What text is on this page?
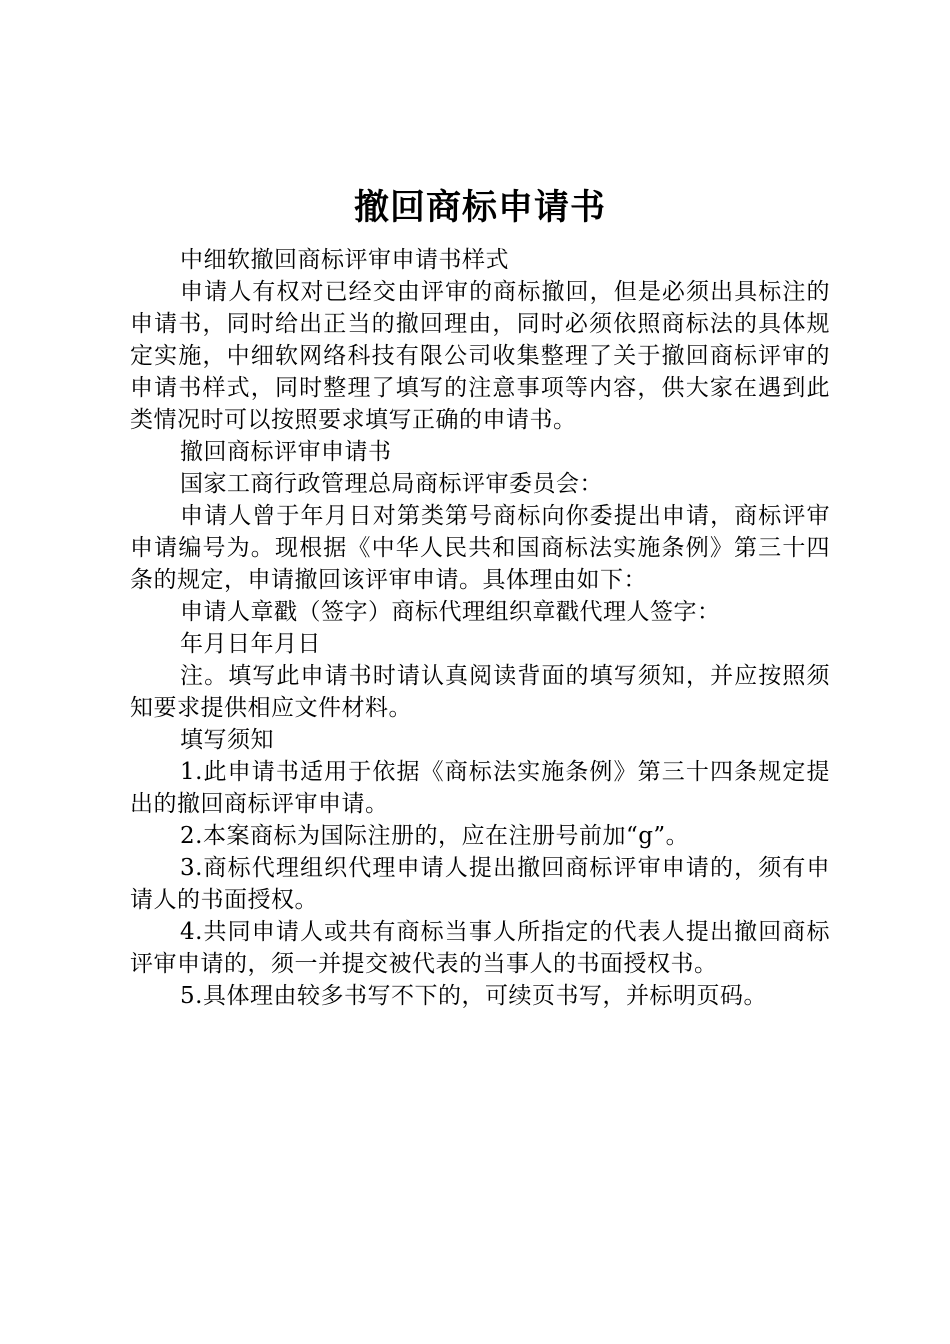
撤回商标申请书

中细软撤回商标评审申请书样式

申请人有权对已经交由评审的商标撤回，但是必须出具标注的申请书，同时给出正当的撤回理由，同时必须依照商标法的具体规定实施，中细软网络科技有限公司收集整理了关于撤回商标评审的申请书样式，同时整理了填写的注意事项等内容，供大家在遇到此类情况时可以按照要求填写正确的申请书。

撤回商标评审申请书

国家工商行政管理总局商标评审委员会：

申请人曾于年月日对第类第号商标向你委提出申请，商标评审申请编号为。现根据《中华人民共和国商标法实施条例》第三十四条的规定，申请撤回该评审申请。具体理由如下：

申请人章戳（签字）商标代理组织章戳代理人签字：

年月日年月日

注。填写此申请书时请认真阅读背面的填写须知，并应按照须知要求提供相应文件材料。

填写须知

1.此申请书适用于依据《商标法实施条例》第三十四条规定提出的撤回商标评审申请。

2.本案商标为国际注册的，应在注册号前加“g”。

3.商标代理组织代理申请人提出撤回商标评审申请的，须有申请人的书面授权。

4.共同申请人或共有商标当事人所指定的代表人提出撤回商标评审申请的，须一并提交被代表的当事人的书面授权书。

5.具体理由较多书写不下的，可续页书写，并标明页码。
